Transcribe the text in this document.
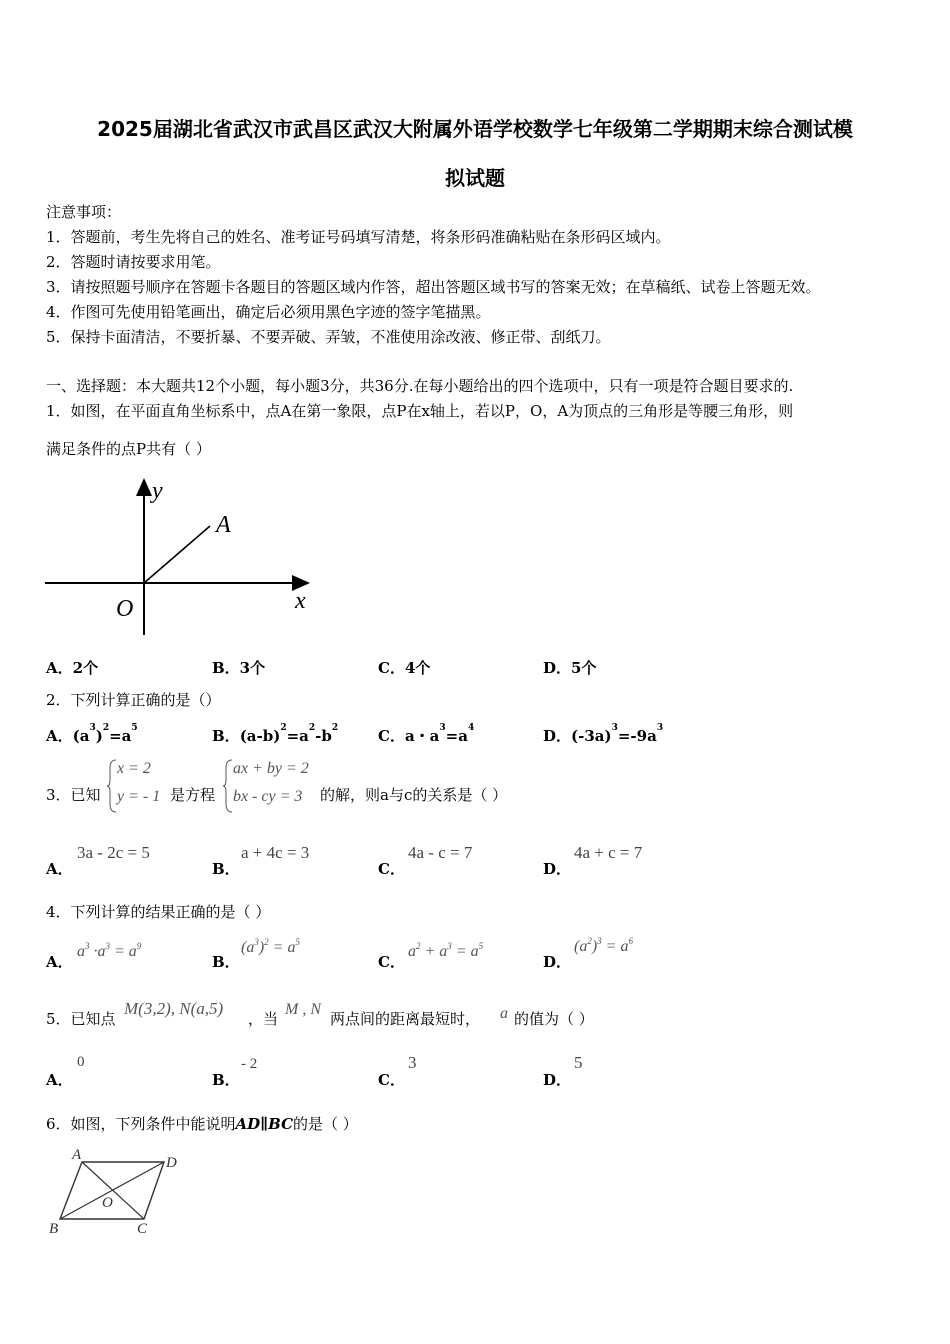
2025届湖北省武汉市武昌区武汉大附属外语学校数学七年级第二学期期末综合测试模
拟试题
注意事项：
1．答题前，考生先将自己的姓名、准考证号码填写清楚，将条形码准确粘贴在条形码区域内。
2．答题时请按要求用笔。
3．请按照题号顺序在答题卡各题目的答题区域内作答，超出答题区域书写的答案无效；在草稿纸、试卷上答题无效。
4．作图可先使用铅笔画出，确定后必须用黑色字迹的签字笔描黑。
5．保持卡面清洁，不要折暴、不要弄破、弄皱，不准使用涂改液、修正带、刮纸刀。
一、选择题：本大题共12个小题，每小题3分，共36分.在每小题给出的四个选项中，只有一项是符合题目要求的.
1．如图，在平面直角坐标系中，点A在第一象限，点P在x轴上，若以P，O，A为顶点的三角形是等腰三角形，则
满足条件的点P共有（ ）
y
x
O
A
A．2个	B．3个	C．4个	D．5个
2．下列计算正确的是（）
A．$(a^3)^2=a^5$	B．$(a-b)^2=a^2-b^2$	C．a・$a^3=a^4$	D．$(-3a)^3=-9a^3$
3．已知
x = 2
y = - 1 是方程
ax + by = 2
bx - cy = 3 的解，则a与c的关系是（ ）
A．
3a - 2c = 5
B．
a + 4c = 3
C．
4a - c = 7
D．
4a + c = 7
4．下列计算的结果正确的是（ ）
A．
$a^3 \cdot a^3 = a^9$
B．
$(a^3)^2 = a^5$
C．
$a^2 + a^3 = a^5$
D．
$(a^2)^3 = a^6$
5．已知点
M(3,2), N(a,5)
，当
M , N
两点间的距离最短时， a 的值为（ ）
A．
0
B．
- 2
C．
3
D．
5
6．如图，下列条件中能说明AD∥BC的是（ ）
A	D
B	C
O
